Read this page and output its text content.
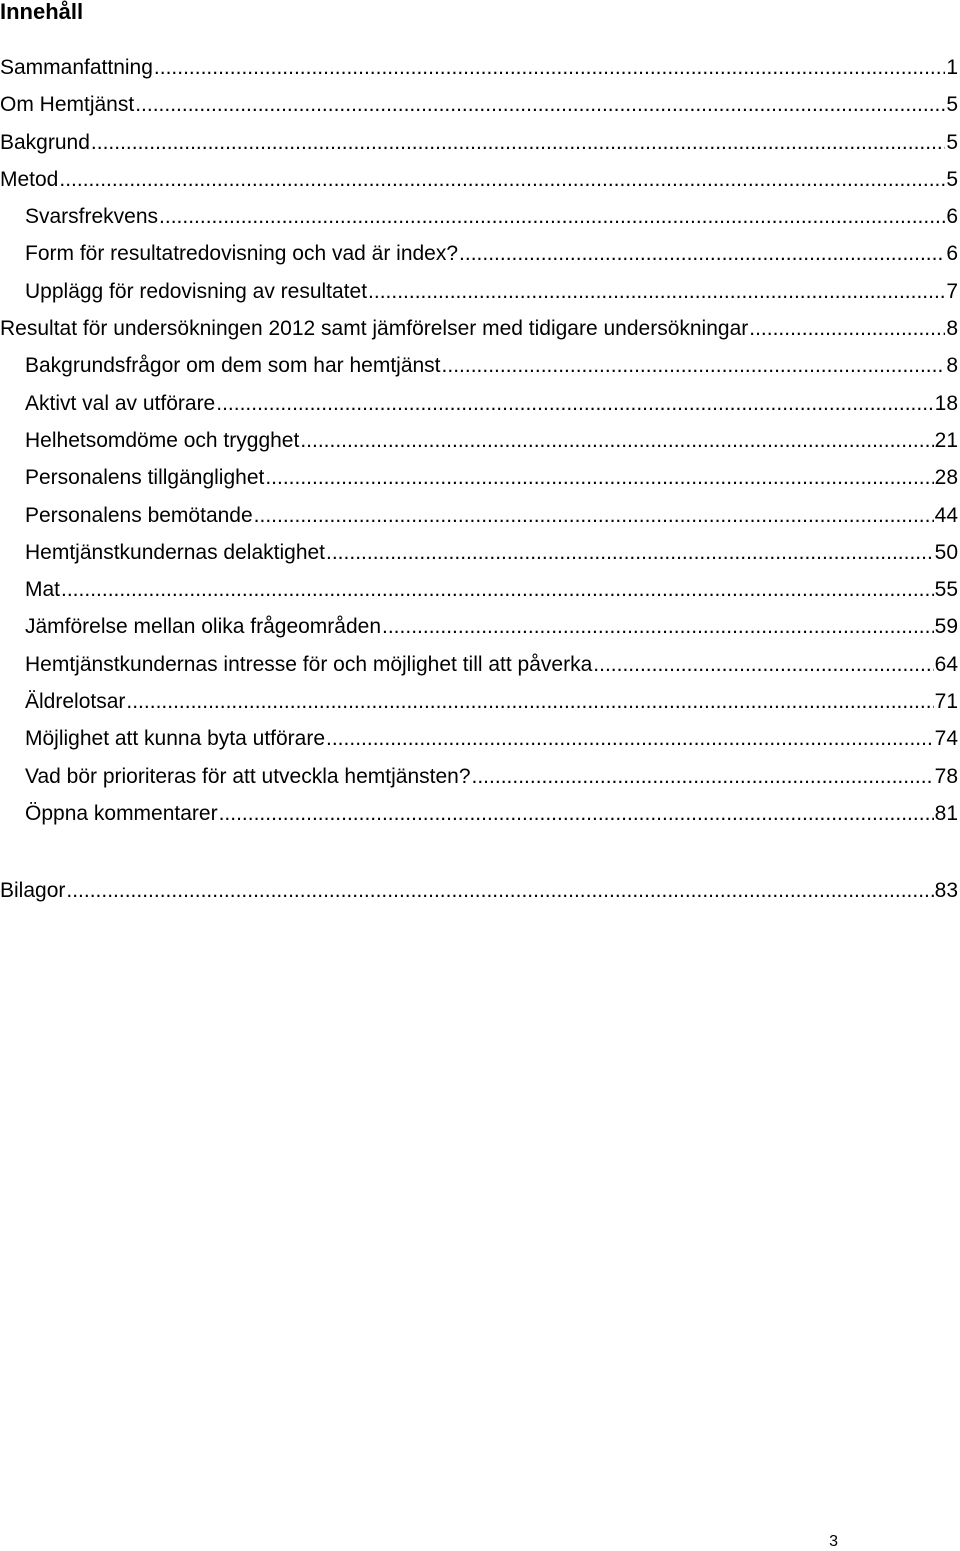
Innehåll
Sammanfattning .....	1
Om Hemtjänst .....	5
Bakgrund .....	5
Metod .....	5
Svarsfrekvens .....	6
Form för resultatredovisning och vad är index? .....	6
Upplägg för redovisning av resultatet .....	7
Resultat för undersökningen 2012 samt jämförelser med tidigare undersökningar .....	8
Bakgrundsfrågor om dem som har hemtjänst .....	8
Aktivt val av utförare .....	18
Helhetsomdöme och trygghet .....	21
Personalens tillgänglighet .....	28
Personalens bemötande .....	44
Hemtjänstkundernas delaktighet .....	50
Mat .....	55
Jämförelse mellan olika frågeområden .....	59
Hemtjänstkundernas intresse för och möjlighet till att påverka .....	64
Äldrelotsar .....	71
Möjlighet att kunna byta utförare .....	74
Vad bör prioriteras för att utveckla hemtjänsten? .....	78
Öppna kommentarer .....	81
Bilagor .....	83
3
